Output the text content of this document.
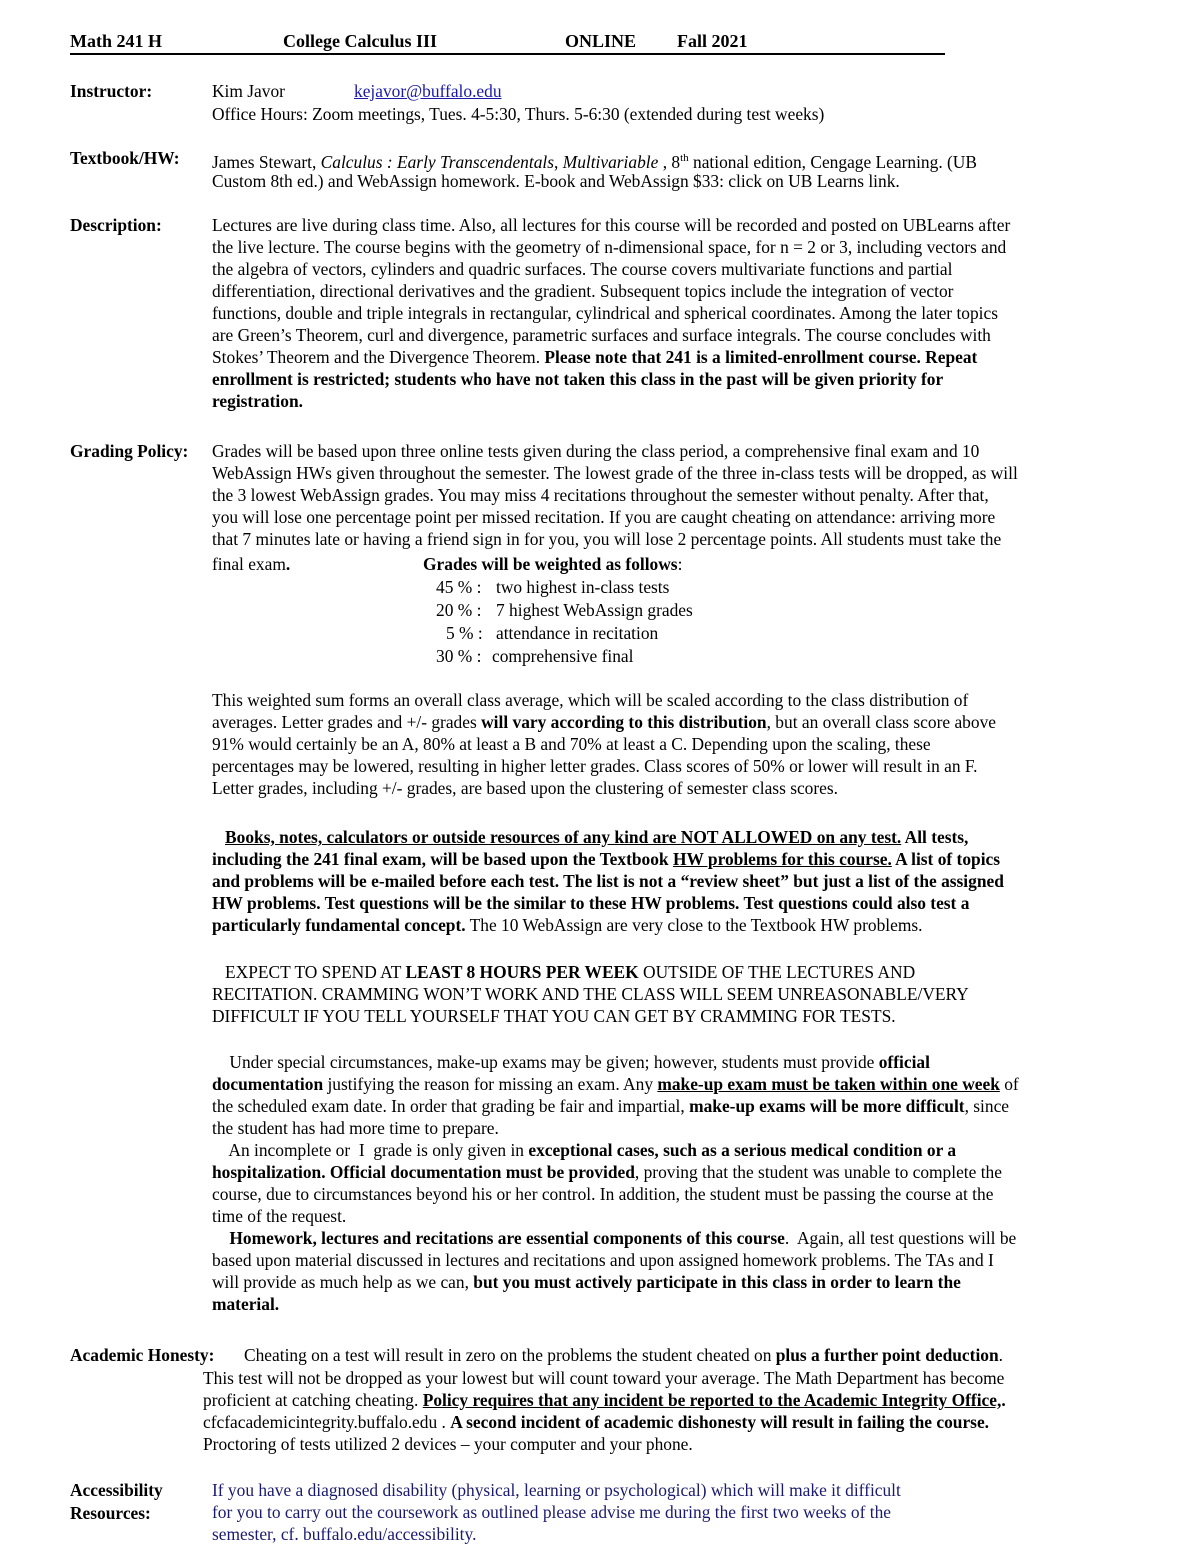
Math 241 H	College Calculus III	ONLINE Fall 2021
Instructor:	Kim Javor	kejavor@buffalo.edu
Office Hours: Zoom meetings, Tues. 4-5:30, Thurs. 5-6:30 (extended during test weeks)
Textbook/HW: James Stewart, Calculus : Early Transcendentals, Multivariable , 8th national edition, Cengage Learning. (UB
Custom 8th ed.) and WebAssign homework. E-book and WebAssign $33: click on UB Learns link.
Description:	Lectures are live during class time. Also, all lectures for this course will be recorded and posted on UBLearns after
the live lecture. The course begins with the geometry of n-dimensional space, for n = 2 or 3, including vectors and
the algebra of vectors, cylinders and quadric surfaces. The course covers multivariate functions and partial
differentiation, directional derivatives and the gradient. Subsequent topics include the integration of vector
functions, double and triple integrals in rectangular, cylindrical and spherical coordinates. Among the later topics
are Green’s Theorem, curl and divergence, parametric surfaces and surface integrals. The course concludes with
Stokes’ Theorem and the Divergence Theorem. Please note that 241 is a limited-enrollment course. Repeat
enrollment is restricted; students who have not taken this class in the past will be given priority for
registration.
Grading Policy: Grades will be based upon three online tests given during the class period, a comprehensive final exam and 10
WebAssign HWs given throughout the semester. The lowest grade of the three in-class tests will be dropped, as will
the 3 lowest WebAssign grades. You may miss 4 recitations throughout the semester without penalty. After that,
you will lose one percentage point per missed recitation. If you are caught cheating on attendance: arriving more
that 7 minutes late or having a friend sign in for you, you will lose 2 percentage points. All students must take the
final exam.	Grades will be weighted as follows:
45 % : two highest in-class tests
20 % : 7 highest WebAssign grades
5 % : attendance in recitation
30 % : comprehensive final
This weighted sum forms an overall class average, which will be scaled according to the class distribution of
averages. Letter grades and +/- grades will vary according to this distribution, but an overall class score above
91% would certainly be an A, 80% at least a B and 70% at least a C. Depending upon the scaling, these
percentages may be lowered, resulting in higher letter grades. Class scores of 50% or lower will result in an F.
Letter grades, including +/- grades, are based upon the clustering of semester class scores.
Books, notes, calculators or outside resources of any kind are NOT ALLOWED on any test. All tests,
including the 241 final exam, will be based upon the Textbook HW problems for this course. A list of topics
and problems will be e-mailed before each test. The list is not a “review sheet” but just a list of the assigned
HW problems. Test questions will be the similar to these HW problems. Test questions could also test a
particularly fundamental concept. The 10 WebAssign are very close to the Textbook HW problems.
EXPECT TO SPEND AT LEAST 8 HOURS PER WEEK OUTSIDE OF THE LECTURES AND
RECITATION. CRAMMING WON’T WORK AND THE CLASS WILL SEEM UNREASONABLE/VERY
DIFFICULT IF YOU TELL YOURSELF THAT YOU CAN GET BY CRAMMING FOR TESTS.
Under special circumstances, make-up exams may be given; however, students must provide official
documentation justifying the reason for missing an exam. Any make-up exam must be taken within one week of
the scheduled exam date. In order that grading be fair and impartial, make-up exams will be more difficult, since
the student has had more time to prepare.
An incomplete or  I  grade is only given in exceptional cases, such as a serious medical condition or a
hospitalization. Official documentation must be provided, proving that the student was unable to complete the
course, due to circumstances beyond his or her control. In addition, the student must be passing the course at the
time of the request.
Homework, lectures and recitations are essential components of this course.  Again, all test questions will be
based upon material discussed in lectures and recitations and upon assigned homework problems. The TAs and I
will provide as much help as we can, but you must actively participate in this class in order to learn the
material.
Academic Honesty: Cheating on a test will result in zero on the problems the student cheated on plus a further point deduction.
This test will not be dropped as your lowest but will count toward your average. The Math Department has become
proficient at catching cheating. Policy requires that any incident be reported to the Academic Integrity Office,.
cfcfacademicintegrity.buffalo.edu . A second incident of academic dishonesty will result in failing the course.
Proctoring of tests utilized 2 devices – your computer and your phone.
Accessibility
Resources:
If you have a diagnosed disability (physical, learning or psychological) which will make it difficult
for you to carry out the coursework as outlined please advise me during the first two weeks of the
semester, cf. buffalo.edu/accessibility.
